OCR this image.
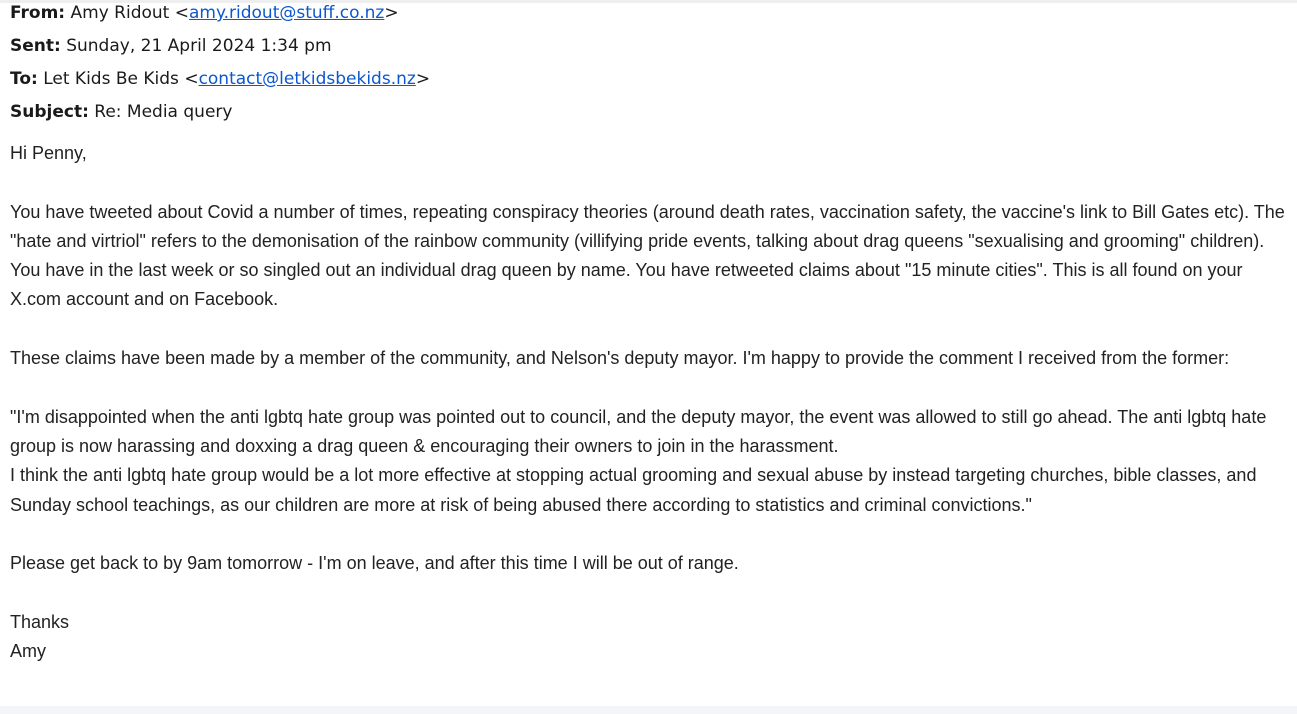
From: Amy Ridout <amy.ridout@stuff.co.nz>
Sent: Sunday, 21 April 2024 1:34 pm
To: Let Kids Be Kids <contact@letkidsbekids.nz>
Subject: Re: Media query

Hi Penny,

You have tweeted about Covid a number of times, repeating conspiracy theories (around death rates, vaccination safety, the vaccine's link to Bill Gates etc). The "hate and virtriol" refers to the demonisation of the rainbow community (villifying pride events, talking about drag queens "sexualising and grooming" children). You have in the last week or so singled out an individual drag queen by name. You have retweeted claims about "15 minute cities". This is all found on your X.com account and on Facebook.

These claims have been made by a member of the community, and Nelson's deputy mayor. I'm happy to provide the comment I received from the former:

"I'm disappointed when the anti lgbtq hate group was pointed out to council, and the deputy mayor, the event was allowed to still go ahead. The anti lgbtq hate group is now harassing and doxxing a drag queen & encouraging their owners to join in the harassment.

I think the anti lgbtq hate group would be a lot more effective at stopping actual grooming and sexual abuse by instead targeting churches, bible classes, and Sunday school teachings, as our children are more at risk of being abused there according to statistics and criminal convictions."

Please get back to by 9am tomorrow - I'm on leave, and after this time I will be out of range.

Thanks

Amy
